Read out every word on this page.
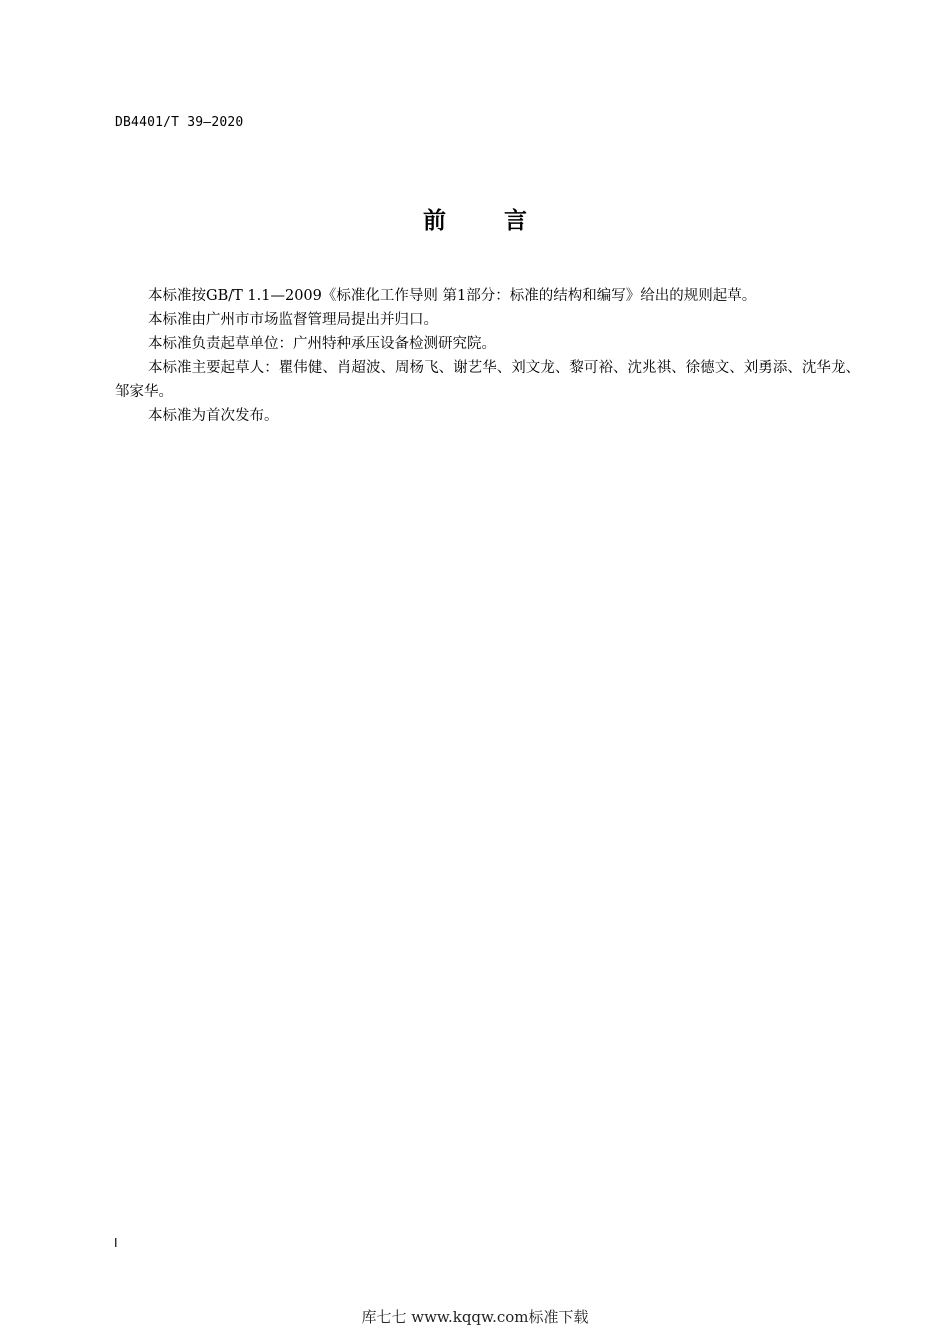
DB4401/T 39—2020
前	言

本标准按GB/T 1.1—2009《标准化工作导则 第1部分：标准的结构和编写》给出的规则起草。

本标准由广州市市场监督管理局提出并归口。

本标准负责起草单位：广州特种承压设备检测研究院。

本标准主要起草人：瞿伟健、肖超波、周杨飞、谢艺华、刘文龙、黎可裕、沈兆祺、徐德文、刘勇添、沈华龙、邹家华。

本标准为首次发布。

I
库七七 www.kqqw.com标准下载
